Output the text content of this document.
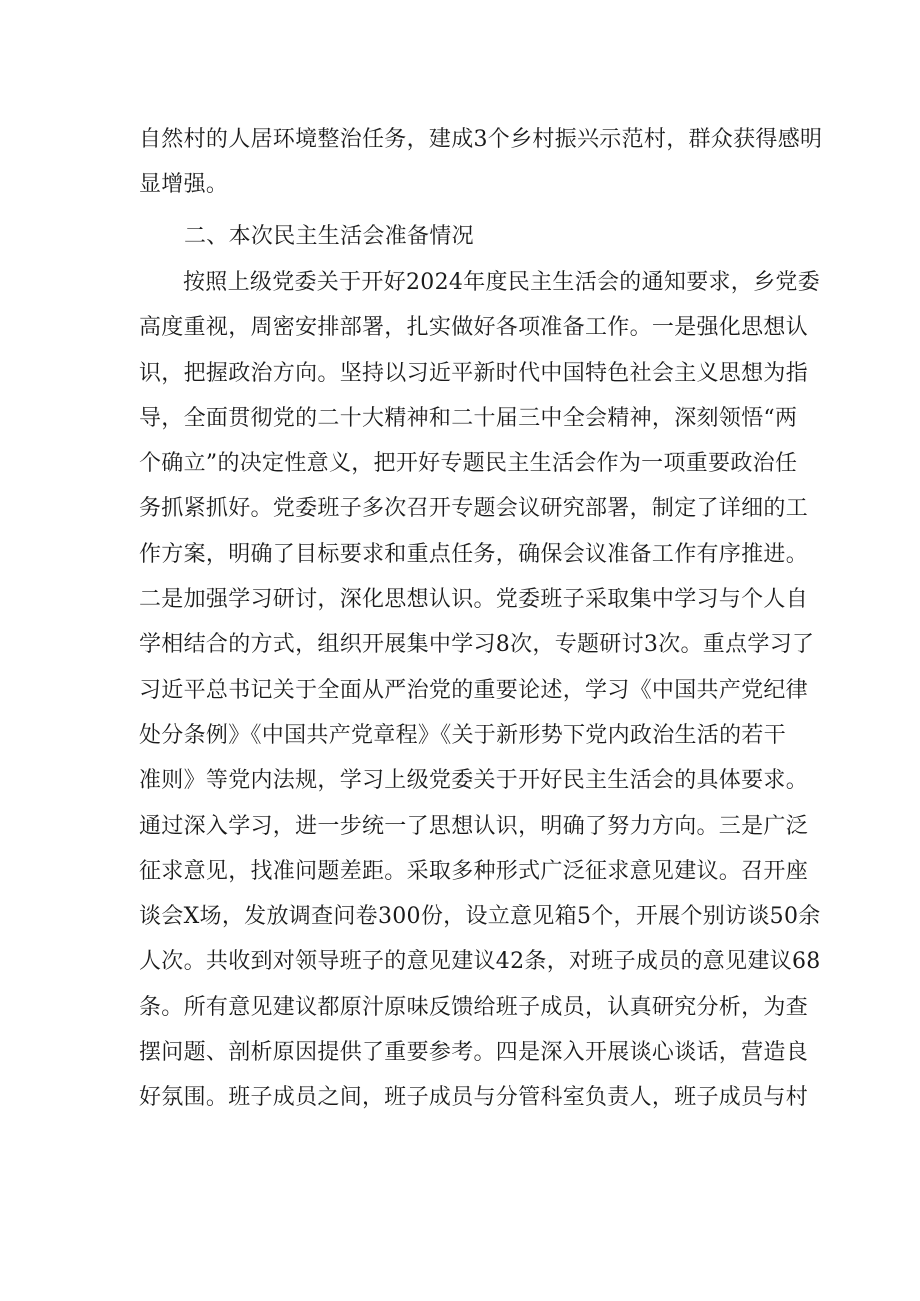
自然村的人居环境整治任务，建成3个乡村振兴示范村，群众获得感明
显增强。
二、本次民主生活会准备情况
按照上级党委关于开好2024年度民主生活会的通知要求，乡党委
高度重视，周密安排部署，扎实做好各项准备工作。一是强化思想认
识，把握政治方向。坚持以习近平新时代中国特色社会主义思想为指
导，全面贯彻党的二十大精神和二十届三中全会精神，深刻领悟“两
个确立”的决定性意义，把开好专题民主生活会作为一项重要政治任
务抓紧抓好。党委班子多次召开专题会议研究部署，制定了详细的工
作方案，明确了目标要求和重点任务，确保会议准备工作有序推进。
二是加强学习研讨，深化思想认识。党委班子采取集中学习与个人自
学相结合的方式，组织开展集中学习8次，专题研讨3次。重点学习了
习近平总书记关于全面从严治党的重要论述，学习《中国共产党纪律
处分条例》《中国共产党章程》《关于新形势下党内政治生活的若干
准则》等党内法规，学习上级党委关于开好民主生活会的具体要求。
通过深入学习，进一步统一了思想认识，明确了努力方向。三是广泛
征求意见，找准问题差距。采取多种形式广泛征求意见建议。召开座
谈会X场，发放调查问卷300份，设立意见箱5个，开展个别访谈50余
人次。共收到对领导班子的意见建议42条，对班子成员的意见建议68
条。所有意见建议都原汁原味反馈给班子成员，认真研究分析，为查
摆问题、剖析原因提供了重要参考。四是深入开展谈心谈话，营造良
好氛围。班子成员之间，班子成员与分管科室负责人，班子成员与村
